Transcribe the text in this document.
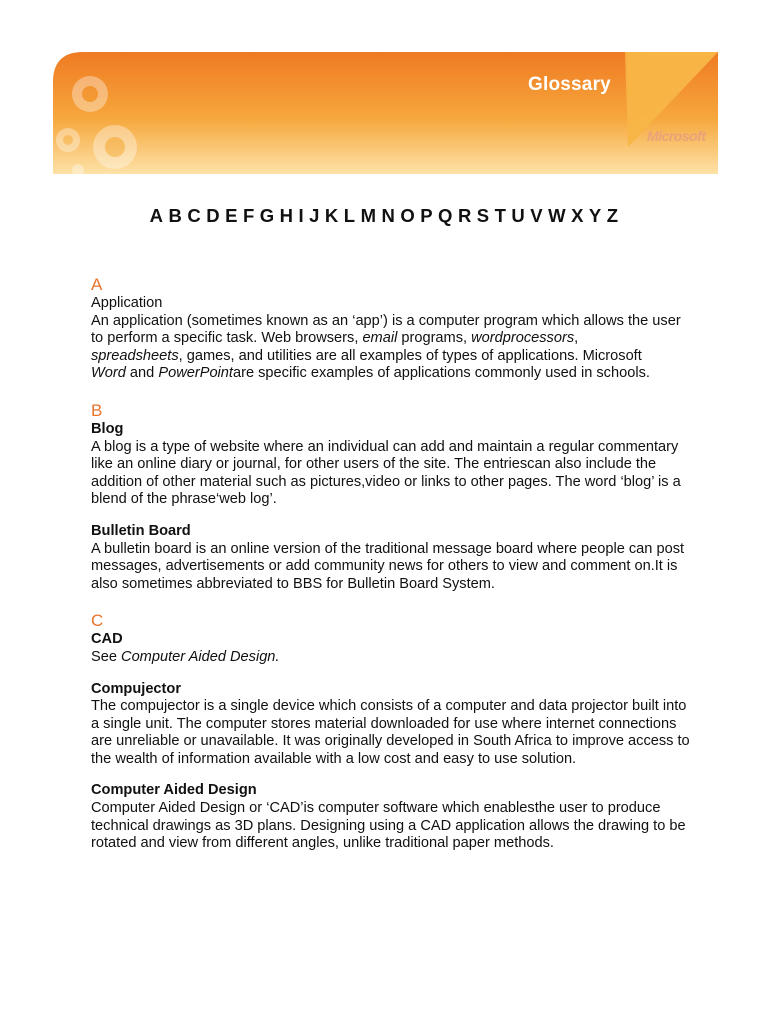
Glossary
Microsoft
A B C D E F G H I J K L M N O P Q R S T U V W X Y Z

A

Application

An application (sometimes known as an ‘app’) is a computer program which allows the user to perform a specific task. Web browsers, email programs, wordprocessors,
spreadsheets, games, and utilities are all examples of types of applications. Microsoft
Word and PowerPointare specific examples of applications commonly used in schools.

B

Blog

A blog is a type of website where an individual can add and maintain a regular commentary like an online diary or journal, for other users of the site. The entriescan also include the addition of other material such as pictures,video or links to other pages. The word ‘blog’ is a blend of the phrase‘web log’.

Bulletin Board

A bulletin board is an online version of the traditional message board where people can post messages, advertisements or add community news for others to view and comment on.It is also sometimes abbreviated to BBS for Bulletin Board System.

C

CAD

See Computer Aided Design.

Compujector

The compujector is a single device which consists of a computer and data projector built into a single unit. The computer stores material downloaded for use where internet connections are unreliable or unavailable. It was originally developed in South Africa to improve access to the wealth of information available with a low cost and easy to use solution.

Computer Aided Design

Computer Aided Design or ‘CAD’is computer software which enablesthe user to produce technical drawings as 3D plans. Designing using a CAD application allows the drawing to be rotated and view from different angles, unlike traditional paper methods.
